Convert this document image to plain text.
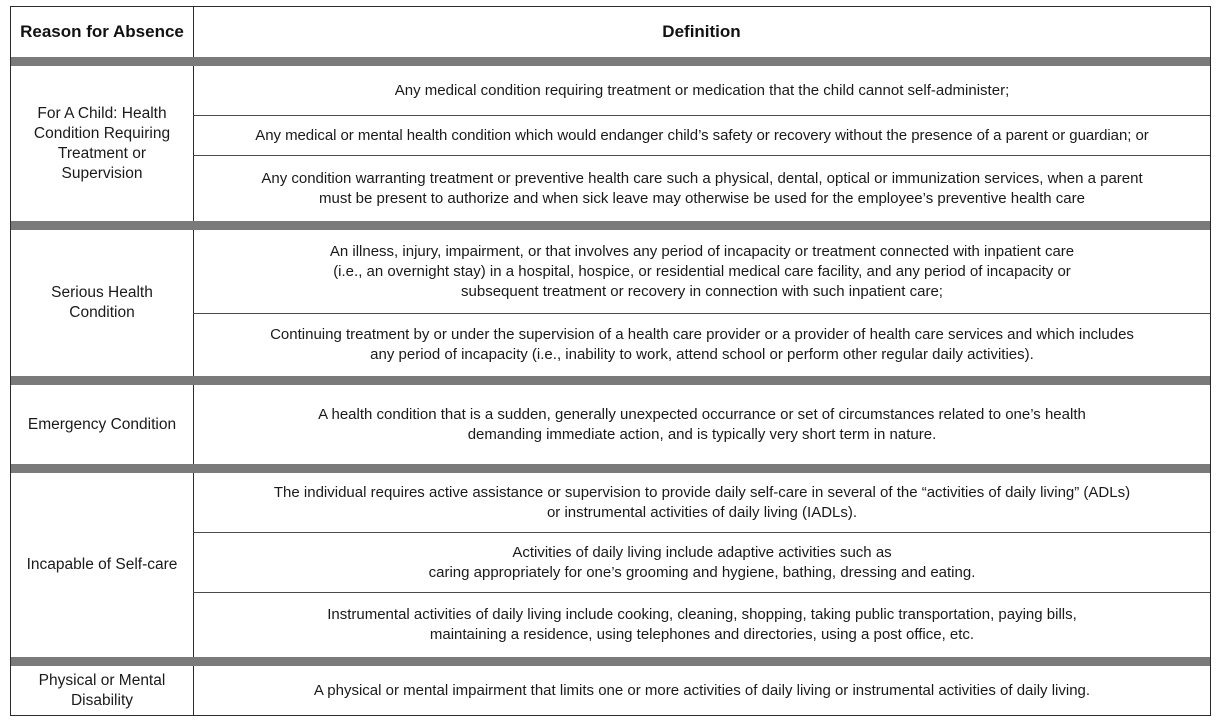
Reason for Absence	Definition
For A Child: Health Condition Requiring Treatment or Supervision
Any medical condition requiring treatment or medication that the child cannot self-administer;
Any medical or mental health condition which would endanger child’s safety or recovery without the presence of a parent or guardian; or
Any condition warranting treatment or preventive health care such a physical, dental, optical or immunization services, when a parent
must be present to authorize and when sick leave may otherwise be used for the employee’s preventive health care
Serious Health Condition
An illness, injury, impairment, or that involves any period of incapacity or treatment connected with inpatient care
(i.e., an overnight stay) in a hospital, hospice, or residential medical care facility, and any period of incapacity or
subsequent treatment or recovery in connection with such inpatient care;
Continuing treatment by or under the supervision of a health care provider or a provider of health care services and which includes
any period of incapacity (i.e., inability to work, attend school or perform other regular daily activities).
Emergency Condition
A health condition that is a sudden, generally unexpected occurrance or set of circumstances related to one’s health
demanding immediate action, and is typically very short term in nature.
Incapable of Self-care
The individual requires active assistance or supervision to provide daily self-care in several of the “activities of daily living” (ADLs)
or instrumental activities of daily living (IADLs).
Activities of daily living include adaptive activities such as
caring appropriately for one’s grooming and hygiene, bathing, dressing and eating.
Instrumental activities of daily living include cooking, cleaning, shopping, taking public transportation, paying bills,
maintaining a residence, using telephones and directories, using a post office, etc.
Physical or Mental Disability
A physical or mental impairment that limits one or more activities of daily living or instrumental activities of daily living.
